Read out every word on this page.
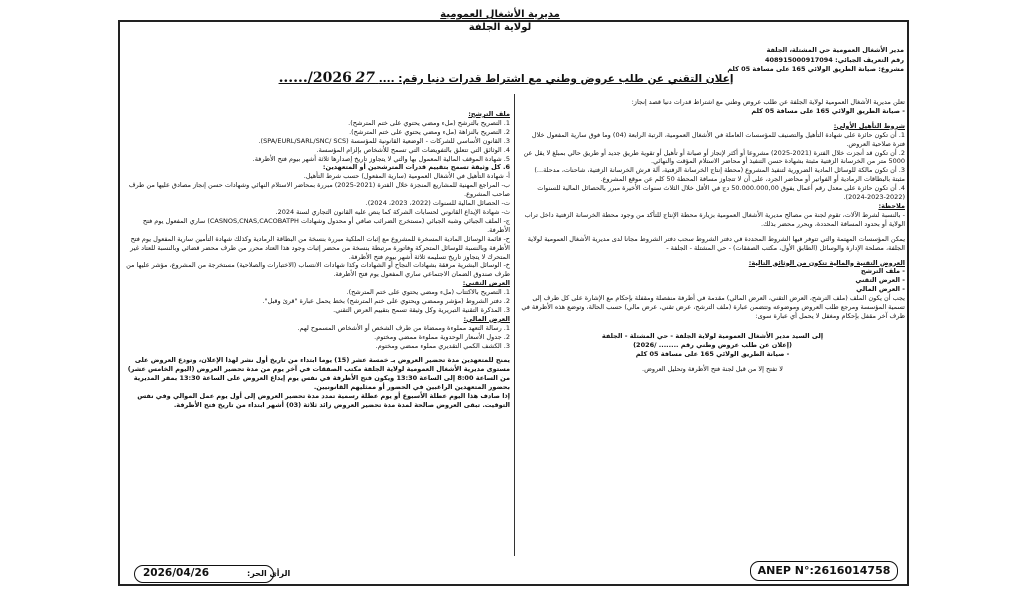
مديرية الأشغال العمومية
لولاية الجلفة
مدير الأشغال العمومية حي المشتلة، الجلفة
رقم التعريف الجبائي: 408915000917094
مشروع: صيانة الطريق الولائي 165 على مسافة 05 كلم
إعلان التقني عن طلب عروض وطني مع اشتراط قدرات دنيا رقم: .... 27 2026/......

تعلن مديرية الأشغال العمومية لولاية الجلفة عن طلب عروض وطني مع اشتراط قدرات دنيا قصد إنجاز:

- صيانة الطريق الولائي 165 على مسافة 05 كلم

شروط التأهيل الأولي:

1. أن تكون حائزة على شهادة التأهيل والتصنيف للمؤسسات العاملة في الأشغال العمومية، الرتبة الرابعة (04) وما فوق سارية المفعول خلال فترة صلاحية العروض.

2. أن تكون قد أنجزت خلال الفترة (2021-2025) مشروعا أو أكثر لإنجاز أو صيانة أو تأهيل أو تقوية طريق جديد أو طريق حالي بمبلغ لا يقل عن 5000 متر من الخرسانة الزفتية مثبتة بشهادة حسن التنفيذ أو محاضر الاستلام المؤقت والنهائي.

3. أن تكون مالكة للوسائل المادية الضرورية لتنفيذ المشروع (محطة إنتاج الخرسانة الزفتية، آلة فرش الخرسانة الزفتية، شاحنات، مدحلة...) مثبتة بالبطاقات الرمادية أو الفواتير أو محاضر الجرد، على أن لا تتجاوز مسافة المحطة 50 كلم عن موقع المشروع.

4. أن تكون حائزة على معدل رقم أعمال يفوق 50.000.000,00 دج في الأقل خلال الثلاث سنوات الأخيرة مبرر بالحصائل المالية للسنوات (2022-2023-2024).

ملاحظة:

- بالنسبة لشرط الآلات، تقوم لجنة من مصالح مديرية الأشغال العمومية بزيارة محطة الإنتاج للتأكد من وجود محطة الخرسانة الزفتية داخل تراب الولاية أو بحدود المسافة المحددة، ويحرر محضر بذلك.

يمكن المؤسسات المهتمة والتي تتوفر فيها الشروط المحددة في دفتر الشروط سحب دفتر الشروط مجانا لدى مديرية الأشغال العمومية لولاية الجلفة، مصلحة الإدارة والوسائل (الطابق الأول، مكتب الصفقات) - حي المشتلة - الجلفة -

العروض التقنية والمالية تتكون من الوثائق التالية:

- ملف الترشح

- العرض التقني

- العرض المالي

يجب أن يكون الملف (ملف الترشح، العرض التقني، العرض المالي) مقدمة في أظرفة منفصلة ومقفلة بإحكام مع الإشارة على كل ظرف إلى تسمية المؤسسة ومرجع طلب العروض وموضوعه وتتضمن عبارة (ملف الترشح، عرض تقني، عرض مالي) حسب الحالة، وتوضع هذه الأظرفة في ظرف آخر مقفل بإحكام ومغفل لا يحمل أي عبارة سوى:

إلى السيد مدير الأشغال العمومية لولاية الجلفة - حي المشتلة - الجلفة

(إعلان عن طلب عروض وطني رقم ........ /2026)

- صيانة الطريق الولائي 165 على مسافة 05 كلم

لا تفتح إلا من قبل لجنة فتح الأظرفة وتحليل العروض.

ملف الترشح:

1. التصريح بالترشح (ملء ومضي يحتوي على ختم المترشح).

2. التصريح بالنزاهة (ملء ومضي يحتوي على ختم المترشح).

3. القانون الأساسي للشركات - الوضعية القانونية للمؤسسة (SPA/EURL/SARL/SNC/ SCS).

4. الوثائق التي تتعلق بالتفويضات التي تسمح للأشخاص بإلزام المؤسسة.

5. شهادة الموقف المالية المعمول بها والتي لا يتجاوز تاريخ إصدارها ثلاثة أشهر بيوم فتح الأظرفة.

6. كل وثيقة تسمح بتقييم قدرات المترشحين أو المتعهدين:

أ- شهادة التأهيل في الأشغال العمومية (سارية المفعول) حسب شرط التأهيل.

ب- المراجع المهنية للمشاريع المنجزة خلال الفترة (2021-2025) مبررة بمحاضر الاستلام النهائي وشهادات حسن إنجاز مصادق عليها من طرف صاحب المشروع.

ت- الحصائل المالية للسنوات (2022، 2023، 2024).

ث- شهادة الإيداع القانوني لحسابات الشركة كما ينص عليه القانون التجاري لسنة 2024.

ج- الملف الجبائي وشبه الجبائي (مستخرج الضرائب صافي أو محدول وشهادات CASNOS,CNAS,CACOBATPH) ساري المفعول يوم فتح الأظرفة.

ح- قائمة الوسائل المادية المسخرة للمشروع مع إثبات الملكية مبررة بنسخة من البطاقة الرمادية وكذلك شهادة التأمين سارية المفعول يوم فتح الأظرفة وبالنسبة للوسائل المتحركة وفاتورة مرتبطة بنسخة من محضر إثبات وجود هذا العتاد محرر من طرف محضر قضائي وبالنسبة للعتاد غير المتحرك لا يتجاوز تاريخ تسليمه ثلاثة أشهر بيوم فتح الأظرفة.

خ- الوسائل البشرية مرفقة بشهادات النجاح أو الشهادات وكذا شهادات الانتساب (الاختبارات والصلاحية) مستخرجة من المشروع، مؤشر عليها من طرف صندوق الضمان الاجتماعي ساري المفعول يوم فتح الأظرفة.

العرض التقني:

1. التصريح بالاكتتاب (ملء ومضي يحتوي على ختم المترشح).

2. دفتر الشروط (مؤشر وممضي ويحتوي على ختم المترشح) بخط يحمل عبارة "قرئ وقبل".

3. المذكرة التقنية التبريرية وكل وثيقة تسمح بتقييم العرض التقني.

العرض المالي:

1. رسالة التعهد مملوءة وممضاة من طرف الشخص أو الأشخاص المسموح لهم.

2. جدول الأسعار الوحدوية مملوءة ممضي ومختوم.

3. الكشف الكمي التقديري مملوء ممضي ومختوم.

يمنح للمتعهدين مدة تحضير العروض بـ خمسة عشر (15) يوما ابتداء من تاريخ أول نشر لهذا الإعلان، وتودع العروض على مستوى مديرية الأشغال العمومية لولاية الجلفة مكتب الصفقات في آخر يوم من مدة تحضير العروض (اليوم الخامس عشر) من الساعة 8:00 إلى الساعة 13:30 ويكون فتح الأظرفة في نفس يوم إيداع العروض على الساعة 13:30 بمقر المديرية بحضور المتعهدين الراغبين في الحضور أو ممثليهم القانونيين.

إذا صادف هذا اليوم عطلة الأسبوع أو يوم عطلة رسمية تمدد مدة تحضير العروض إلى أول يوم عمل الموالي وفي نفس التوقيت. تبقى العروض صالحة لمدة مدة تحضير العروض زائد ثلاثة (03) أشهر ابتداء من تاريخ فتح الأظرفة.

2026/04/26	:الرأي الحر	ANEP N°:2616014758
